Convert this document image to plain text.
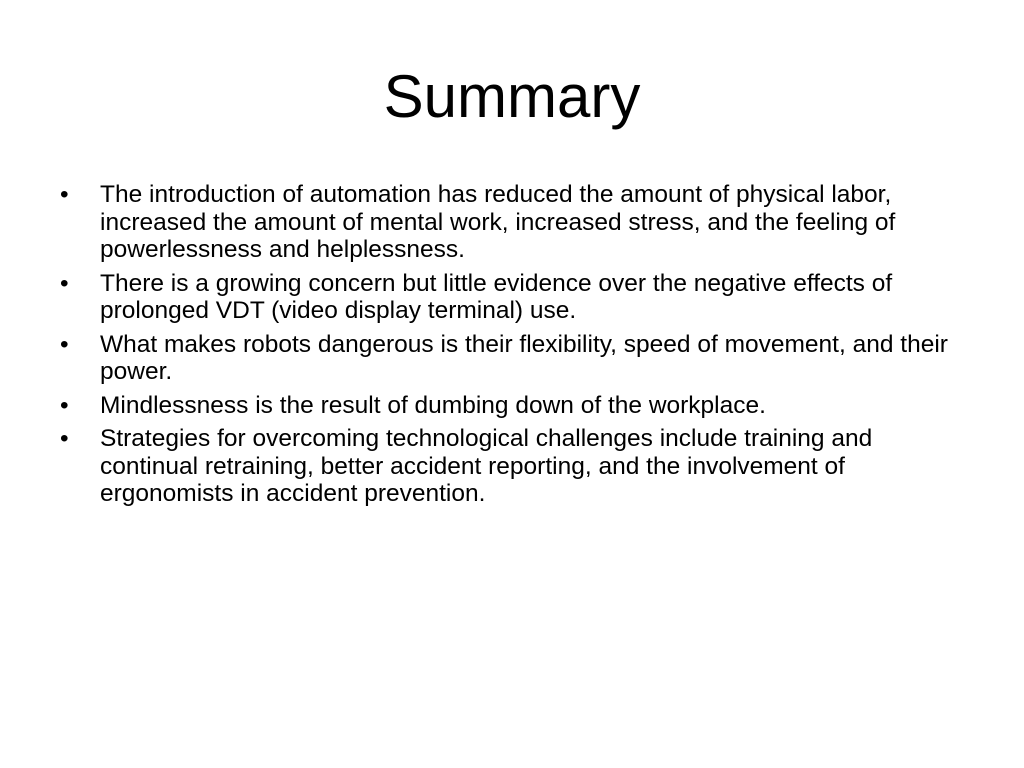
Summary
•	The introduction of automation has reduced the amount of physical labor, increased the amount of mental work, increased stress, and the feeling of powerlessness and helplessness.
•	There is a growing concern but little evidence over the negative effects of prolonged VDT (video display terminal) use.
•	What makes robots dangerous is their flexibility, speed of movement, and their power.
•	Mindlessness is the result of dumbing down of the workplace.
•	Strategies for overcoming technological challenges include training and continual retraining, better accident reporting, and the involvement of ergonomists in accident prevention.
